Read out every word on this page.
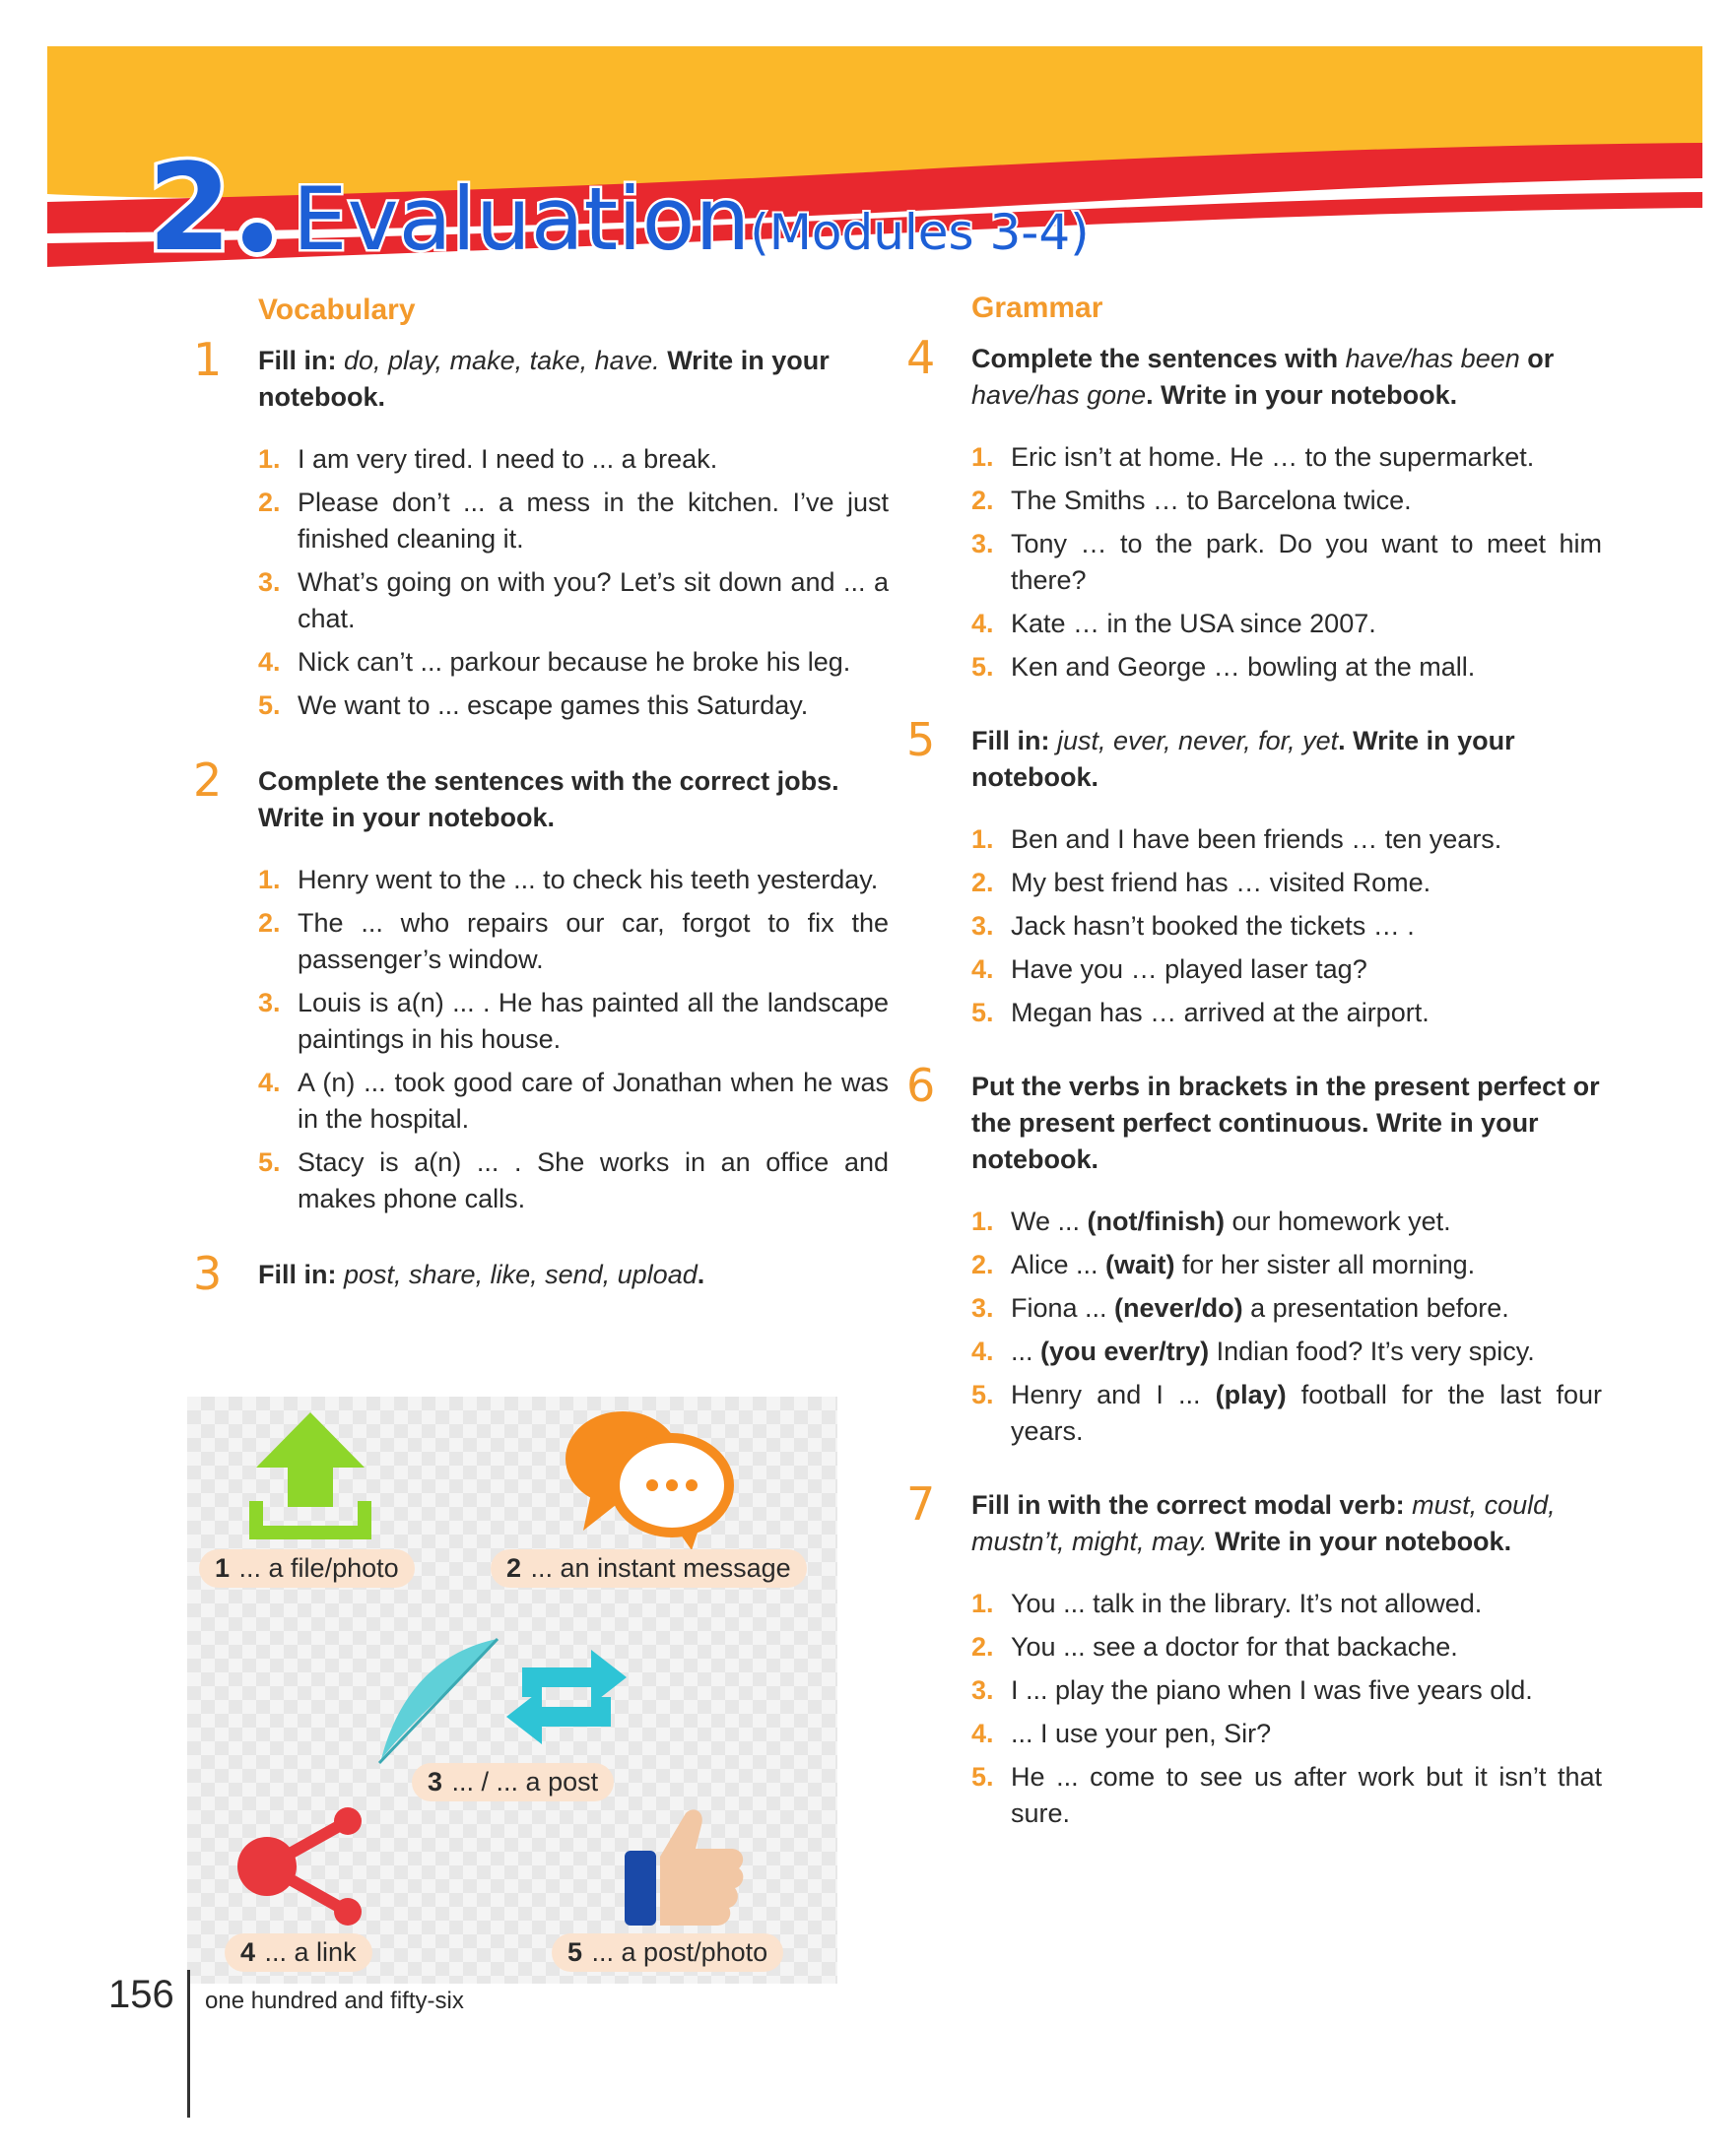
2 Evaluation(Modules 3-4)
Vocabulary
1 Fill in: do, play, make, take, have. Write in your notebook.

1. I am very tired. I need to ... a break.
2. Please don’t ... a mess in the kitchen. I’ve just finished cleaning it.
3. What’s going on with you? Let’s sit down and ... a chat.
4. Nick can’t ... parkour because he broke his leg.
5. We want to ... escape games this Saturday.
2 Complete the sentences with the correct jobs. Write in your notebook.

1. Henry went to the ... to check his teeth yesterday.
2. The ... who repairs our car, forgot to fix the passenger’s window.
3. Louis is a(n) ... . He has painted all the landscape paintings in his house.
4. A (n) ... took good care of Jonathan when he was in the hospital.
5. Stacy is a(n) ... . She works in an office and makes phone calls.
3 Fill in: post, share, like, send, upload.

1 ... a file/photo	2 ... an instant message
3 ... / ... a post
4 ... a link	5 ... a post/photo
Grammar
4 Complete the sentences with have/has been or have/has gone. Write in your notebook.

1. Eric isn’t at home. He … to the supermarket.
2. The Smiths … to Barcelona twice.
3. Tony … to the park. Do you want to meet him there?
4. Kate … in the USA since 2007.
5. Ken and George … bowling at the mall.
5 Fill in: just, ever, never, for, yet. Write in your notebook.

1. Ben and I have been friends … ten years.
2. My best friend has … visited Rome.
3. Jack hasn’t booked the tickets … .
4. Have you … played laser tag?
5. Megan has … arrived at the airport.
6 Put the verbs in brackets in the present perfect or the present perfect continuous. Write in your notebook.

1. We ... (not/finish) our homework yet.
2. Alice ... (wait) for her sister all morning.
3. Fiona ... (never/do) a presentation before.
4. ... (you ever/try) Indian food? It’s very spicy.
5. Henry and I ... (play) football for the last four years.
7 Fill in with the correct modal verb: must, could, mustn’t, might, may. Write in your notebook.

1. You ... talk in the library. It’s not allowed.
2. You ... see a doctor for that backache.
3. I ... play the piano when I was five years old.
4. ... I use your pen, Sir?
5. He ... come to see us after work but it isn’t that sure.
156 one hundred and fifty-six
